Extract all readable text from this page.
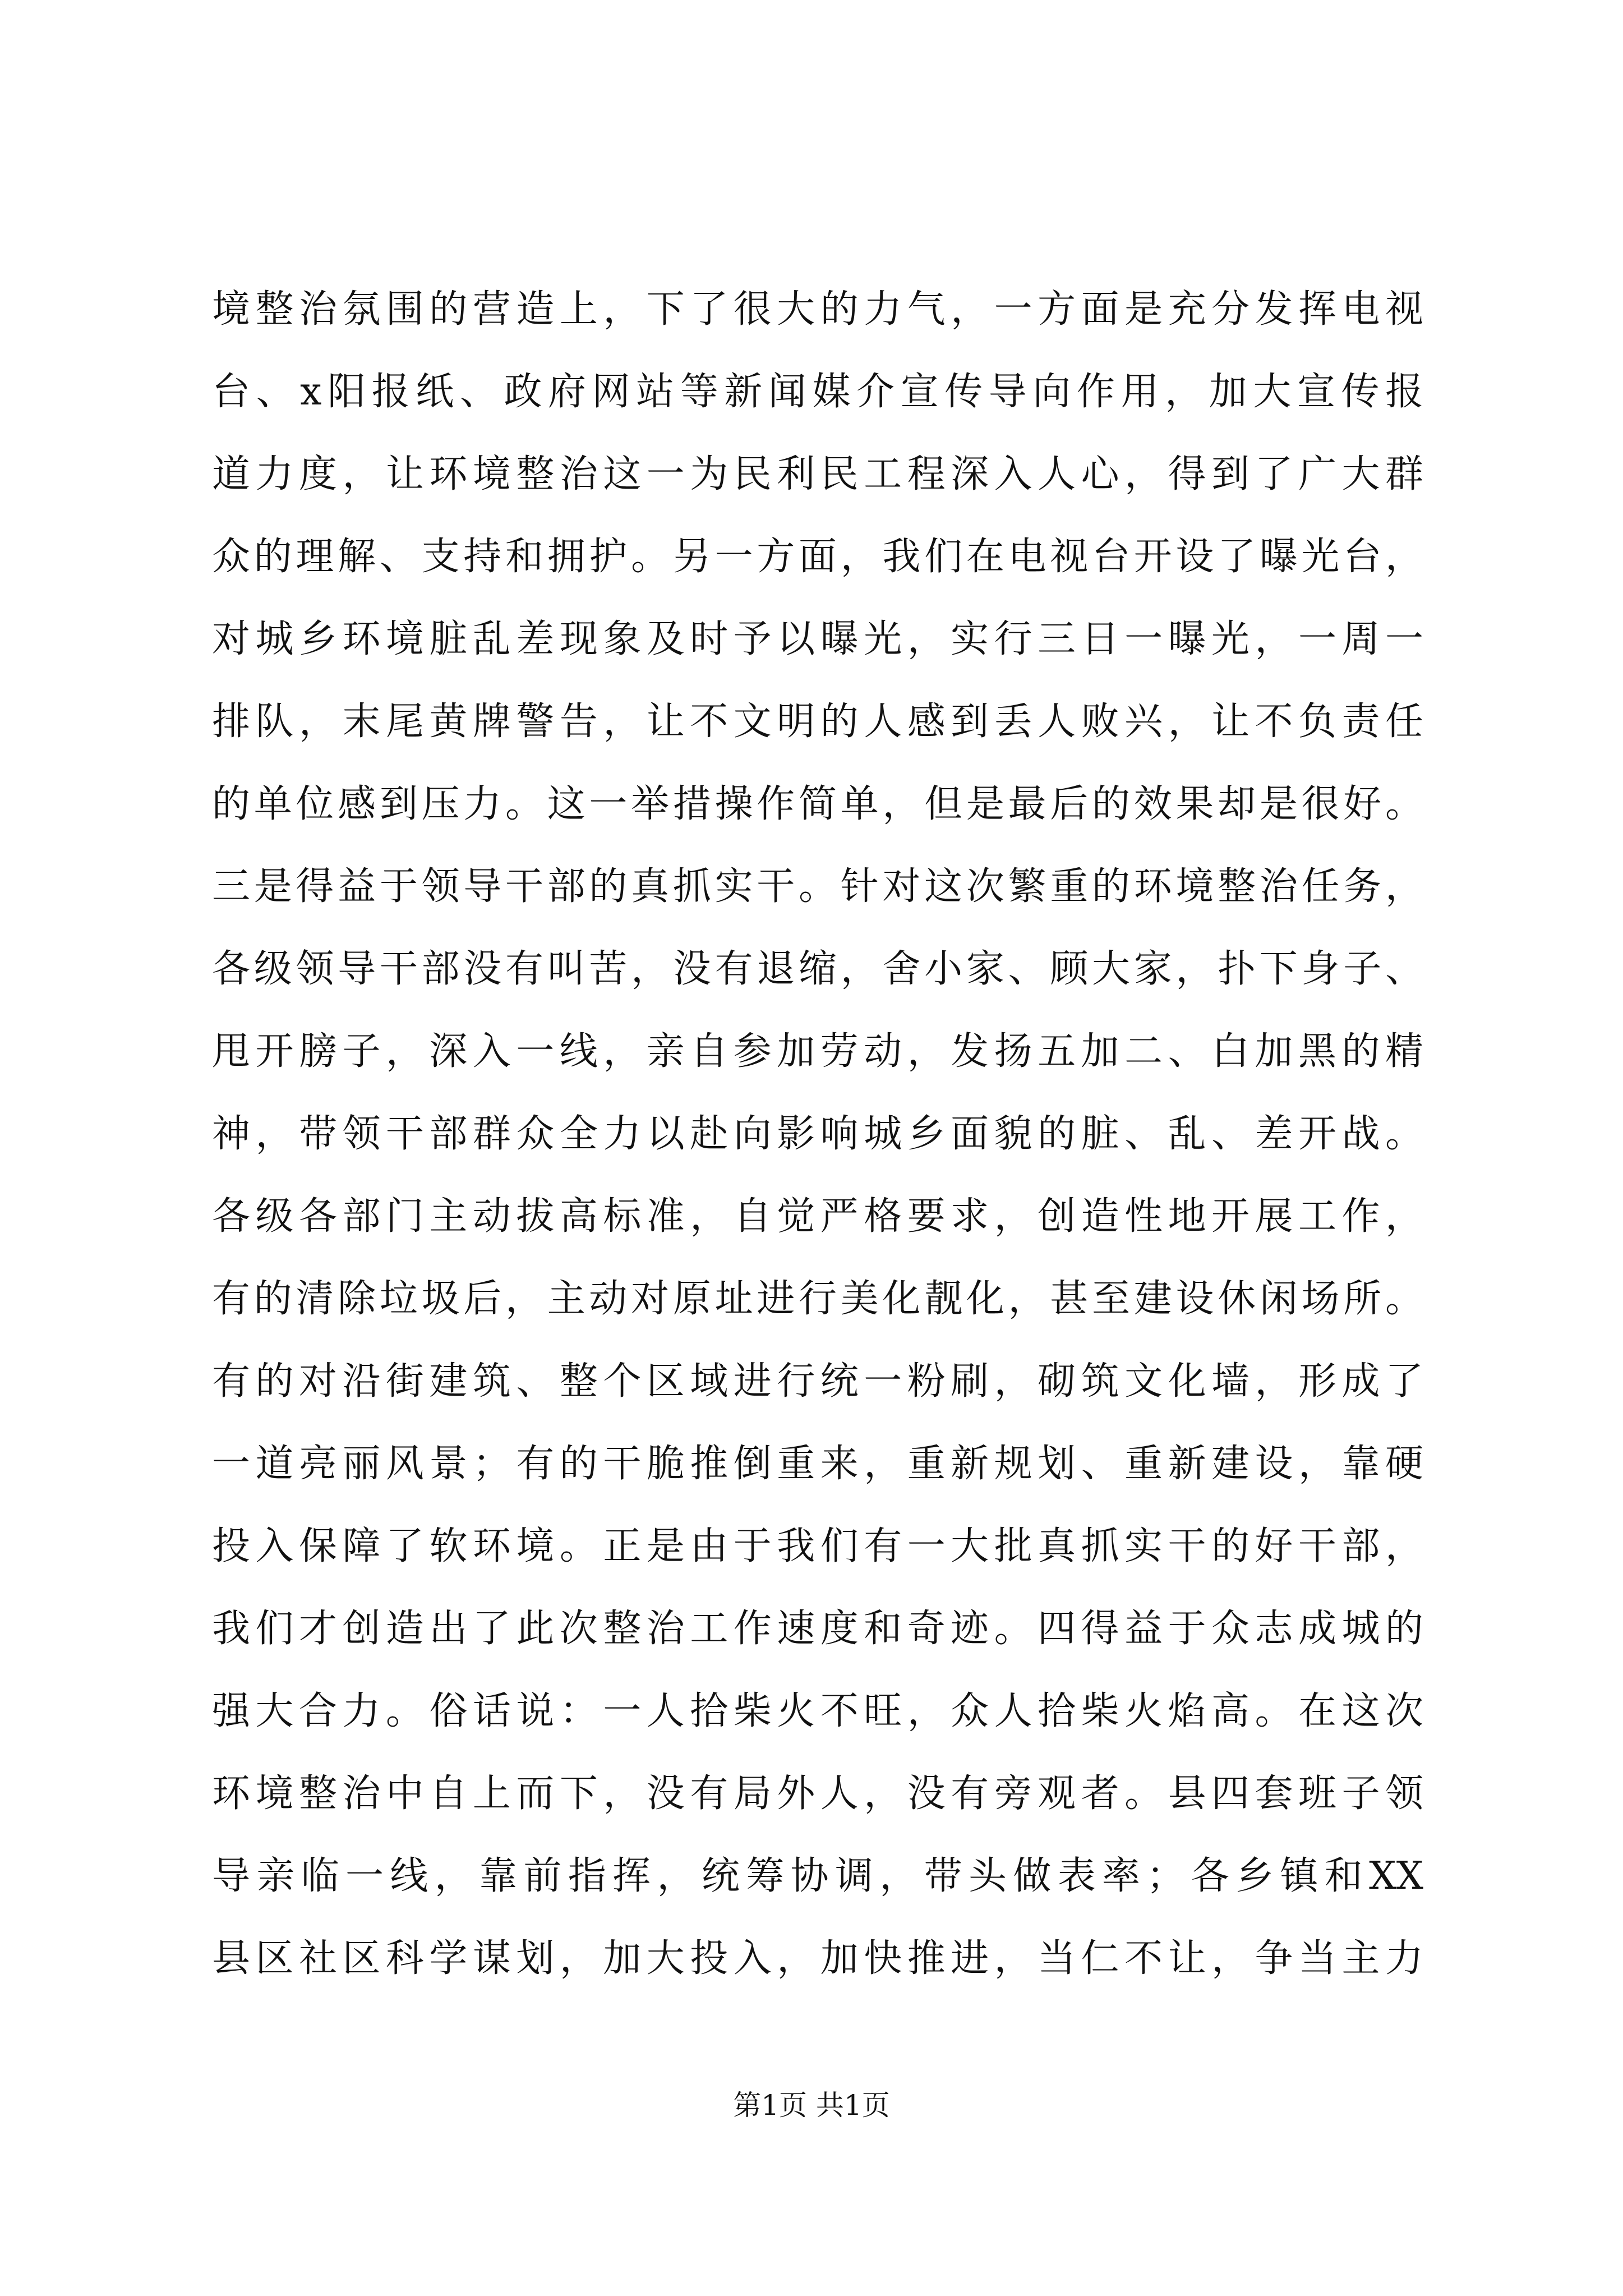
境整治氛围的营造上，下了很大的力气，一方面是充分发挥电视
台、x阳报纸、政府网站等新闻媒介宣传导向作用，加大宣传报
道力度，让环境整治这一为民利民工程深入人心，得到了广大群
众的理解、支持和拥护。另一方面，我们在电视台开设了曝光台，
对城乡环境脏乱差现象及时予以曝光，实行三日一曝光，一周一
排队，末尾黄牌警告，让不文明的人感到丢人败兴，让不负责任
的单位感到压力。这一举措操作简单，但是最后的效果却是很好。
三是得益于领导干部的真抓实干。针对这次繁重的环境整治任务，
各级领导干部没有叫苦，没有退缩，舍小家、顾大家，扑下身子、
甩开膀子，深入一线，亲自参加劳动，发扬五加二、白加黑的精
神，带领干部群众全力以赴向影响城乡面貌的脏、乱、差开战。
各级各部门主动拔高标准，自觉严格要求，创造性地开展工作，
有的清除垃圾后，主动对原址进行美化靓化，甚至建设休闲场所。
有的对沿街建筑、整个区域进行统一粉刷，砌筑文化墙，形成了
一道亮丽风景；有的干脆推倒重来，重新规划、重新建设，靠硬
投入保障了软环境。正是由于我们有一大批真抓实干的好干部，
我们才创造出了此次整治工作速度和奇迹。四得益于众志成城的
强大合力。俗话说：一人拾柴火不旺，众人拾柴火焰高。在这次
环境整治中自上而下，没有局外人，没有旁观者。县四套班子领
导亲临一线，靠前指挥，统筹协调，带头做表率；各乡镇和XX
县区社区科学谋划，加大投入，加快推进，当仁不让，争当主力
第1页 共1页
